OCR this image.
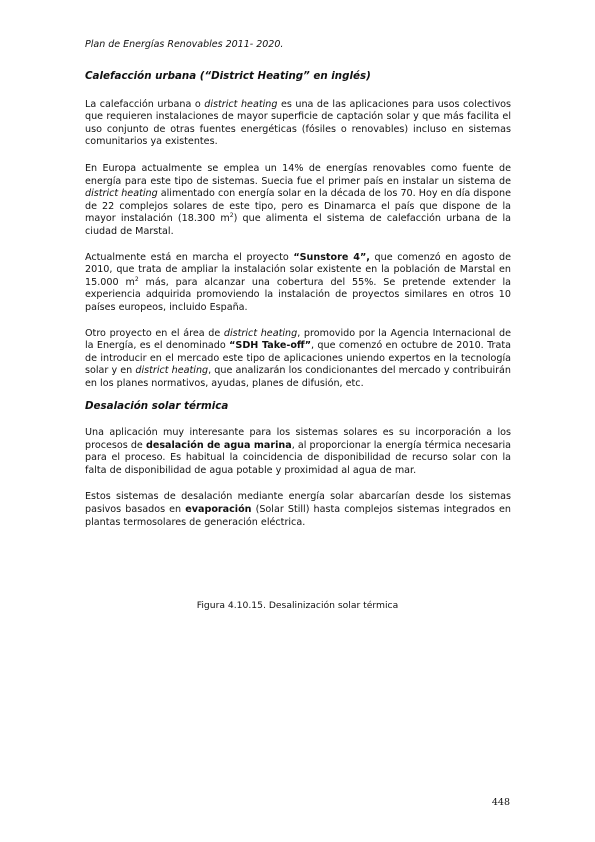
Plan de Energías Renovables 2011- 2020.
Calefacción urbana (“District Heating” en inglés)

La calefacción urbana o district heating es una de las aplicaciones para usos colectivos que requieren instalaciones de mayor superficie de captación solar y que más facilita el uso conjunto de otras fuentes energéticas (fósiles o renovables) incluso en sistemas comunitarios ya existentes.

En Europa actualmente se emplea un 14% de energías renovables como fuente de energía para este tipo de sistemas. Suecia fue el primer país en instalar un sistema de district heating alimentado con energía solar en la década de los 70. Hoy en día dispone de 22 complejos solares de este tipo, pero es Dinamarca el país que dispone de la mayor instalación (18.300 $m^2$) que alimenta el sistema de calefacción urbana de la ciudad de Marstal.

Actualmente está en marcha el proyecto “Sunstore 4”, que comenzó en agosto de 2010, que trata de ampliar la instalación solar existente en la población de Marstal en 15.000 $m^2$ más, para alcanzar una cobertura del 55%. Se pretende extender la experiencia adquirida promoviendo la instalación de proyectos similares en otros 10 países europeos, incluido España.

Otro proyecto en el área de district heating, promovido por la Agencia Internacional de la Energía, es el denominado “SDH Take-off”, que comenzó en octubre de 2010. Trata de introducir en el mercado este tipo de aplicaciones uniendo expertos en la tecnología solar y en district heating, que analizarán los condicionantes del mercado y contribuirán en los planes normativos, ayudas, planes de difusión, etc.

Desalación solar térmica

Una aplicación muy interesante para los sistemas solares es su incorporación a los procesos de desalación de agua marina, al proporcionar la energía térmica necesaria para el proceso. Es habitual la coincidencia de disponibilidad de recurso solar con la falta de disponibilidad de agua potable y proximidad al agua de mar.

Estos sistemas de desalación mediante energía solar abarcarían desde los sistemas pasivos basados en evaporación (Solar Still) hasta complejos sistemas integrados en plantas termosolares de generación eléctrica.

Figura 4.10.15. Desalinización solar térmica
448
